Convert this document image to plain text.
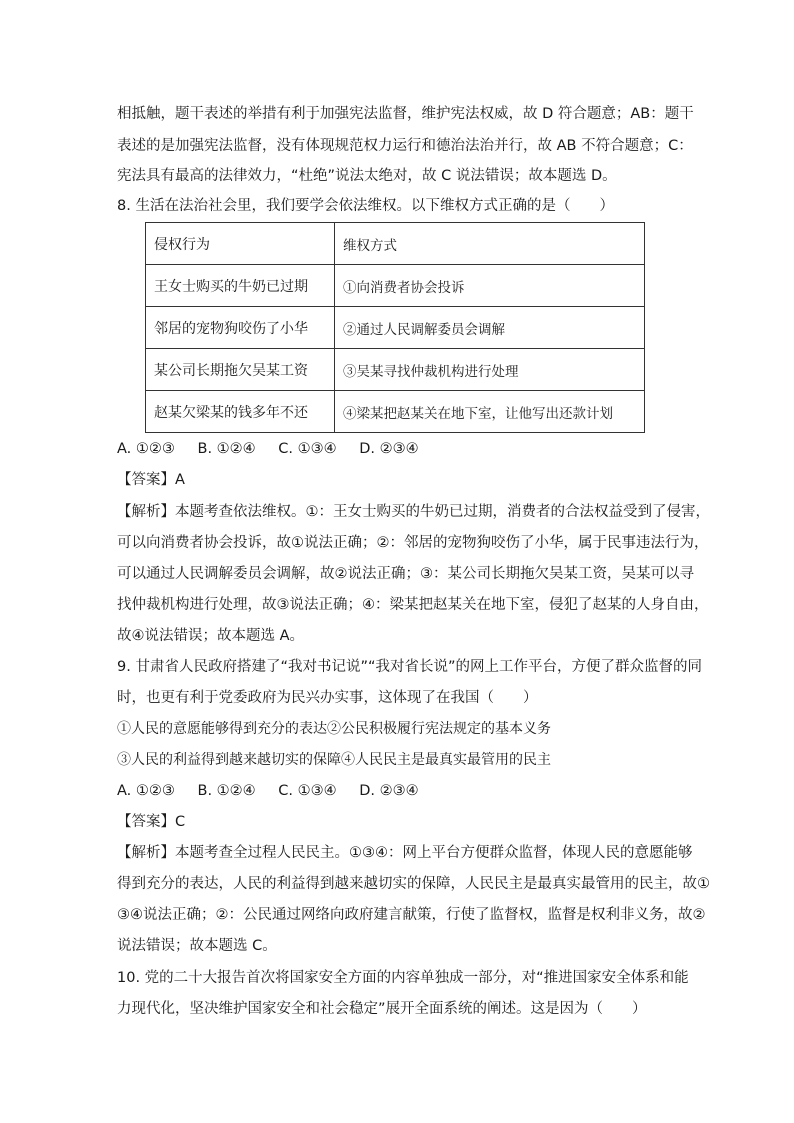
相抵触，题干表述的举措有利于加强宪法监督，维护宪法权威，故 D 符合题意；AB：题干
表述的是加强宪法监督，没有体现规范权力运行和德治法治并行，故 AB 不符合题意；C：
宪法具有最高的法律效力，“杜绝”说法太绝对，故 C 说法错误；故本题选 D。
8. 生活在法治社会里，我们要学会依法维权。以下维权方式正确的是（　　）
侵权行为	维权方式
王女士购买的牛奶已过期	①向消费者协会投诉
邻居的宠物狗咬伤了小华	②通过人民调解委员会调解
某公司长期拖欠吴某工资	③吴某寻找仲裁机构进行处理
赵某欠梁某的钱多年不还	④梁某把赵某关在地下室，让他写出还款计划
A. ①②③ B. ①②④ C. ①③④ D. ②③④
【答案】A
【解析】本题考查依法维权。①：王女士购买的牛奶已过期，消费者的合法权益受到了侵害，
可以向消费者协会投诉，故①说法正确；②：邻居的宠物狗咬伤了小华，属于民事违法行为，
可以通过人民调解委员会调解，故②说法正确；③：某公司长期拖欠吴某工资，吴某可以寻
找仲裁机构进行处理，故③说法正确；④：梁某把赵某关在地下室，侵犯了赵某的人身自由，
故④说法错误；故本题选 A。
9. 甘肃省人民政府搭建了“我对书记说”“我对省长说”的网上工作平台，方便了群众监督的同
时，也更有利于党委政府为民兴办实事，这体现了在我国（　　）
①人民的意愿能够得到充分的表达②公民积极履行宪法规定的基本义务
③人民的利益得到越来越切实的保障④人民民主是最真实最管用的民主
A. ①②③ B. ①②④ C. ①③④ D. ②③④
【答案】C
【解析】本题考查全过程人民民主。①③④：网上平台方便群众监督，体现人民的意愿能够
得到充分的表达，人民的利益得到越来越切实的保障，人民民主是最真实最管用的民主，故①
③④说法正确；②：公民通过网络向政府建言献策，行使了监督权，监督是权利非义务，故②
说法错误；故本题选 C。
10. 党的二十大报告首次将国家安全方面的内容单独成一部分，对“推进国家安全体系和能
力现代化，坚决维护国家安全和社会稳定”展开全面系统的阐述。这是因为（　　）
